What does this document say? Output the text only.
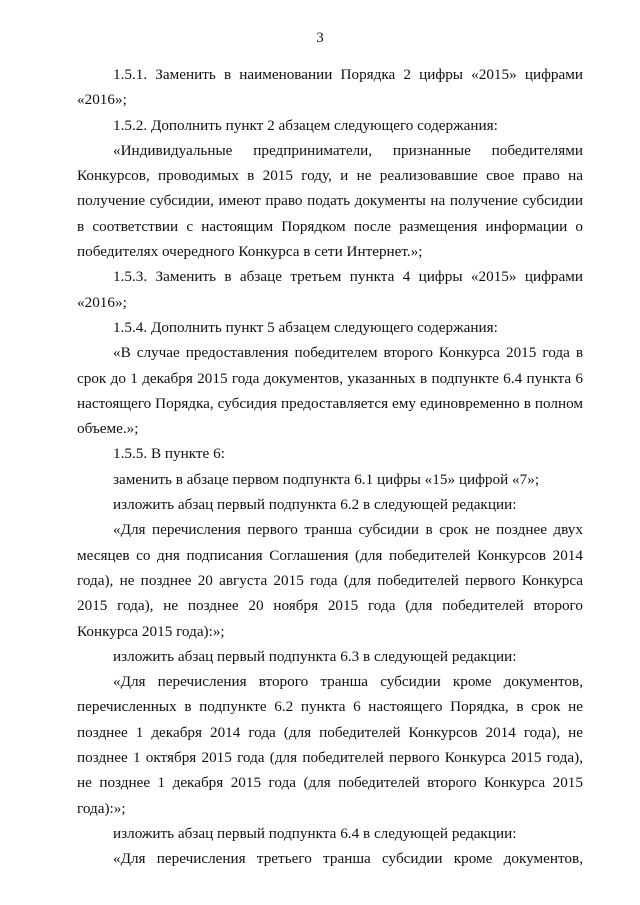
3

1.5.1. Заменить в наименовании Порядка 2 цифры «2015» цифрами «2016»;

1.5.2. Дополнить пункт 2 абзацем следующего содержания:

«Индивидуальные предприниматели, признанные победителями Конкурсов, проводимых в 2015 году, и не реализовавшие свое право на получение субсидии, имеют право подать документы на получение субсидии в соответствии с настоящим Порядком после размещения информации о победителях очередного Конкурса в сети Интернет.»;

1.5.3. Заменить в абзаце третьем пункта 4 цифры «2015» цифрами «2016»;

1.5.4. Дополнить пункт 5 абзацем следующего содержания:

«В случае предоставления победителем второго Конкурса 2015 года в срок до 1 декабря 2015 года документов, указанных в подпункте 6.4 пункта 6 настоящего Порядка, субсидия предоставляется ему единовременно в полном объеме.»;

1.5.5. В пункте 6:

заменить в абзаце первом подпункта 6.1 цифры «15» цифрой «7»;

изложить абзац первый подпункта 6.2 в следующей редакции:

«Для перечисления первого транша субсидии в срок не позднее двух месяцев со дня подписания Соглашения (для победителей Конкурсов 2014 года), не позднее 20 августа 2015 года (для победителей первого Конкурса 2015 года), не позднее 20 ноября 2015 года (для победителей второго Конкурса 2015 года):»;

изложить абзац первый подпункта 6.3 в следующей редакции:

«Для перечисления второго транша субсидии кроме документов, перечисленных в подпункте 6.2 пункта 6 настоящего Порядка, в срок не позднее 1 декабря 2014 года (для победителей Конкурсов 2014 года), не позднее 1 октября 2015 года (для победителей первого Конкурса 2015 года), не позднее 1 декабря 2015 года (для победителей второго Конкурса 2015 года):»;

изложить абзац первый подпункта 6.4 в следующей редакции:

«Для перечисления третьего транша субсидии кроме документов,
